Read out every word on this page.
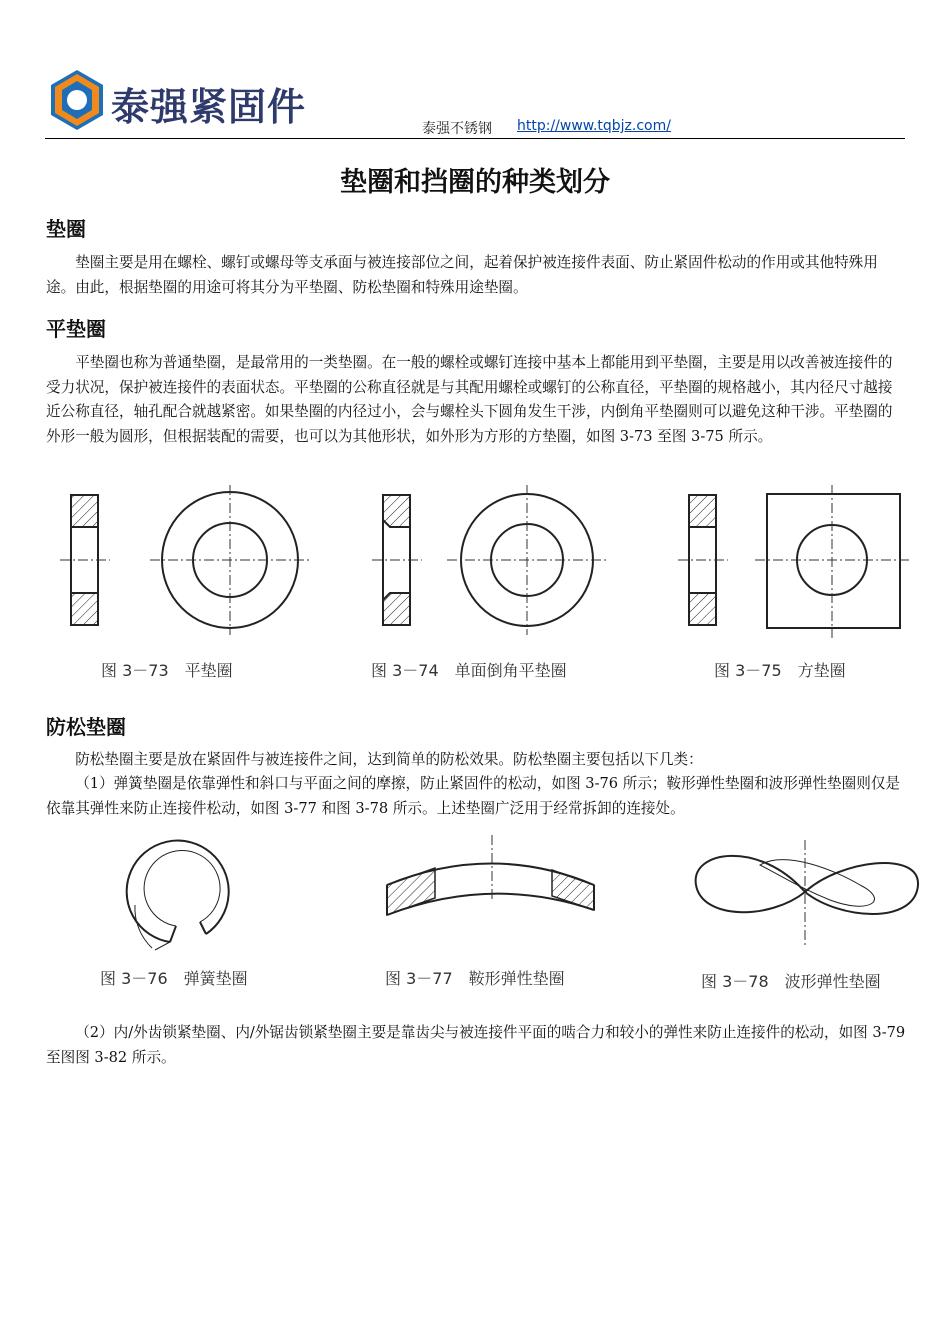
泰强紧固件	泰强不锈钢 http://www.tqbjz.com/
垫圈和挡圈的种类划分
垫圈
垫圈主要是用在螺栓、螺钉或螺母等支承面与被连接部位之间，起着保护被连接件表面、防止紧固件松动的作用或其他特殊用途。由此，根据垫圈的用途可将其分为平垫圈、防松垫圈和特殊用途垫圈。
平垫圈
平垫圈也称为普通垫圈，是最常用的一类垫圈。在一般的螺栓或螺钉连接中基本上都能用到平垫圈，主要是用以改善被连接件的受力状况，保护被连接件的表面状态。平垫圈的公称直径就是与其配用螺栓或螺钉的公称直径，平垫圈的规格越小，其内径尺寸越接近公称直径，轴孔配合就越紧密。如果垫圈的内径过小，会与螺栓头下圆角发生干涉，内倒角平垫圈则可以避免这种干涉。平垫圈的外形一般为圆形，但根据装配的需要，也可以为其他形状，如外形为方形的方垫圈，如图 3-73 至图 3-75 所示。
图 3－73　平垫圈	图 3－74　单面倒角平垫圈	图 3－75　方垫圈
防松垫圈
防松垫圈主要是放在紧固件与被连接件之间，达到简单的防松效果。防松垫圈主要包括以下几类：
（1）弹簧垫圈是依靠弹性和斜口与平面之间的摩擦，防止紧固件的松动，如图 3-76 所示；鞍形弹性垫圈和波形弹性垫圈则仅是依靠其弹性来防止连接件松动，如图 3-77 和图 3-78 所示。上述垫圈广泛用于经常拆卸的连接处。
图 3－76　弹簧垫圈	图 3－77　鞍形弹性垫圈	图 3－78　波形弹性垫圈
（2）内/外齿锁紧垫圈、内/外锯齿锁紧垫圈主要是靠齿尖与被连接件平面的啮合力和较小的弹性来防止连接件的松动，如图 3-79 至图图 3-82 所示。
